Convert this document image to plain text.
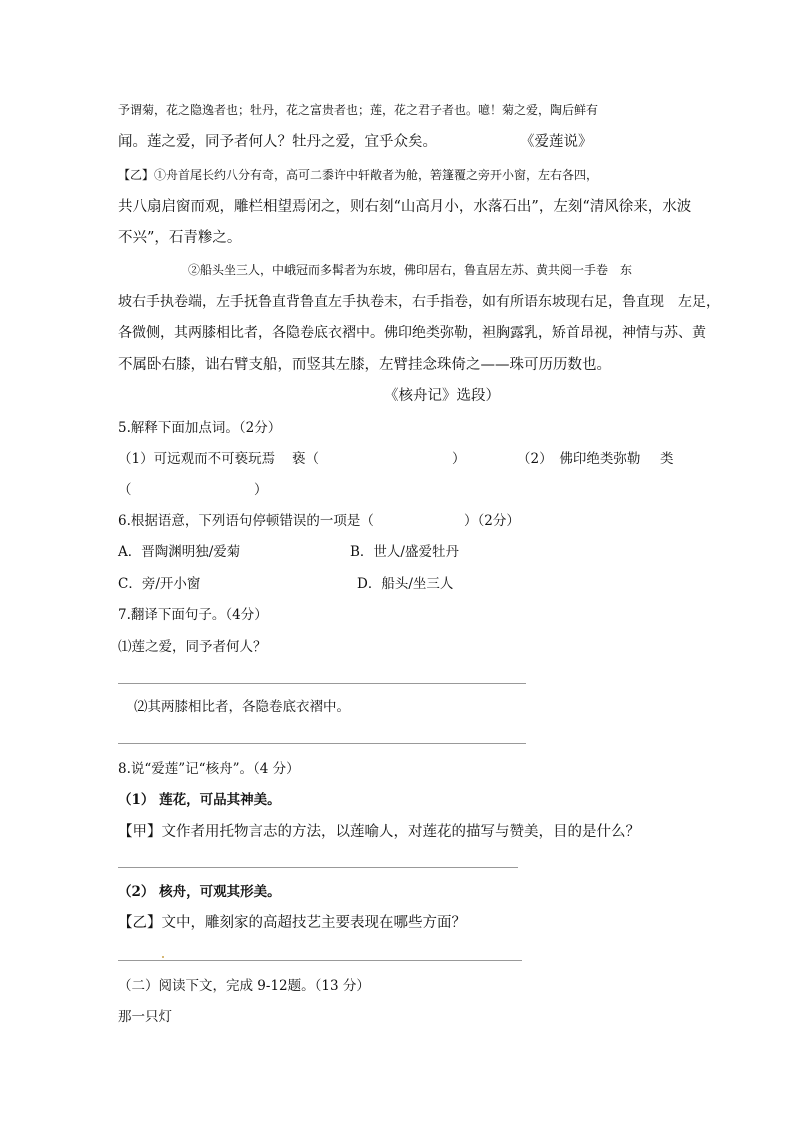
予谓菊，花之隐逸者也；牡丹，花之富贵者也；莲，花之君子者也。噫！菊之爱，陶后鲜有
闻。莲之爱，同予者何人？牡丹之爱，宜乎众矣。	《爱莲说》
【乙】①舟首尾长约八分有奇，高可二黍许中轩敞者为舱，箬篷覆之旁开小窗，左右各四，
共八扇启窗而观，雕栏相望焉闭之，则右刻“山高月小，水落石出”，左刻“清风徐来，水波
不兴”，石青糁之。
②船头坐三人，中峨冠而多髯者为东坡，佛印居右，鲁直居左苏、黄共阅一手卷　东
坡右手执卷端，左手抚鲁直背鲁直左手执卷末，右手指卷，如有所语东坡现右足，鲁直现　左足，
各微侧，其两膝相比者，各隐卷底衣褶中。佛印绝类弥勒，袒胸露乳，矫首昂视，神情与苏、黄
不属卧右膝，诎右臂支船，而竖其左膝，左臂挂念珠倚之——珠可历历数也。
《核舟记》选段）
5.解释下面加点词。（2分）
（1）可远观而不可亵玩焉 亵（	）	（2）　佛印绝类弥勒 类
（	）
6.根据语意，下列语句停顿错误的一项是（	）（2分）
A．晋陶渊明独/爱菊	B．世人/盛爱牡丹
C．旁/开小窗	D．船头/坐三人
7.翻译下面句子。（4分）
⑴莲之爱，同予者何人？
⑵其两膝相比者，各隐卷底衣褶中。
8.说“爱莲”记“核舟”。（4 分）
（1） 莲花，可品其神美。
【甲】文作者用托物言志的方法，以莲喻人，对莲花的描写与赞美，目的是什么？
（2） 核舟，可观其形美。
【乙】文中，雕刻家的高超技艺主要表现在哪些方面？
（二）阅读下文，完成 9-12题。（13 分）
那一只灯
